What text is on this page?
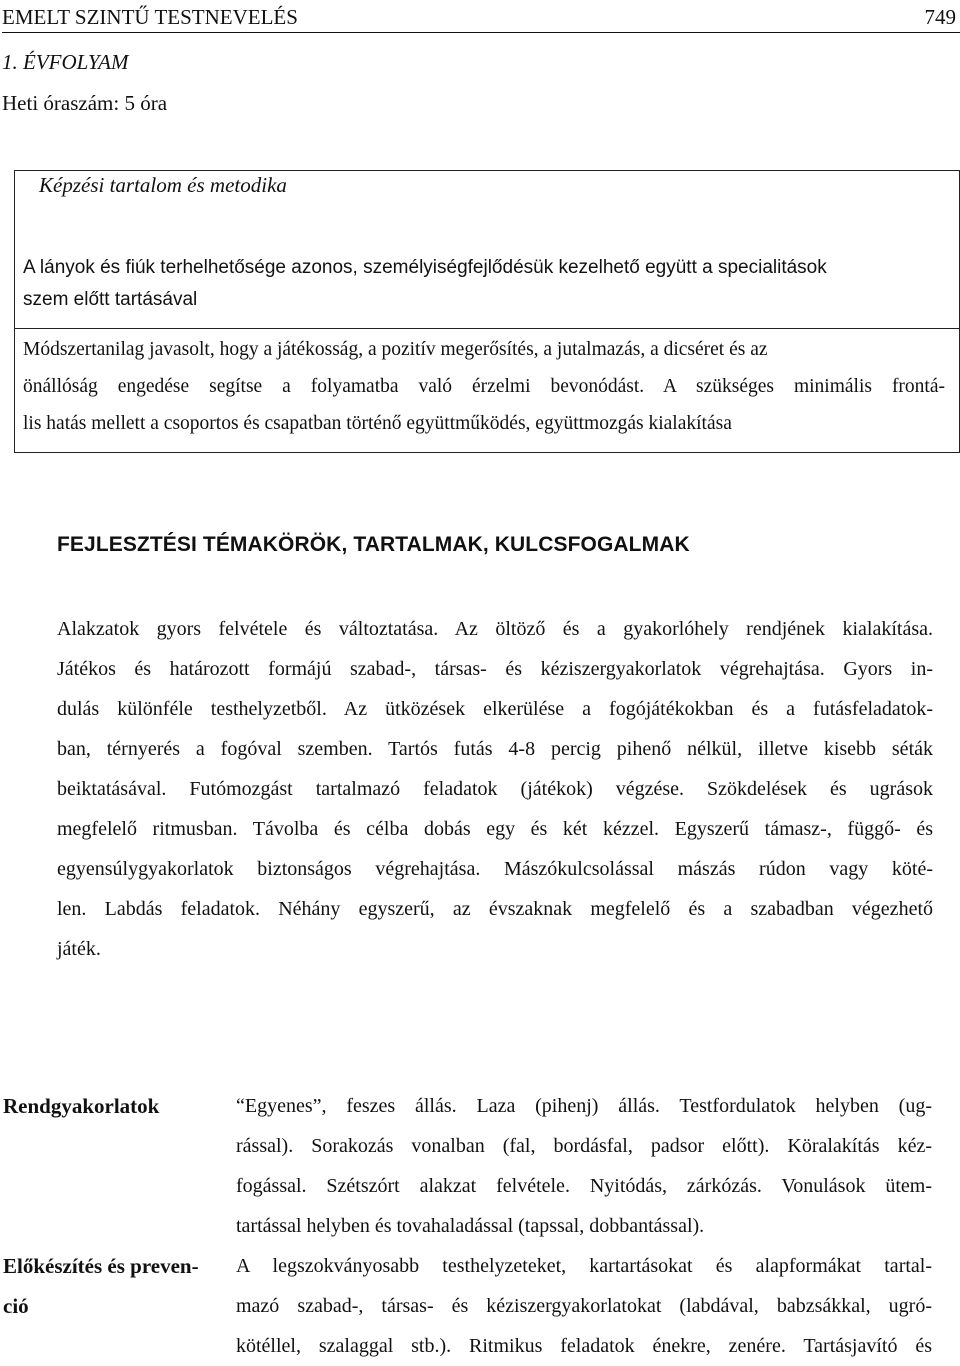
EMELT SZINTŰ TESTNEVELÉS	749
1. ÉVFOLYAM
Heti óraszám: 5 óra
Képzési tartalom és metodika
A lányok és fiúk terhelhetősége azonos, személyiségfejlődésük kezelhető együtt a specialitások
szem előtt tartásával
Módszertanilag javasolt, hogy a játékosság, a pozitív megerősítés, a jutalmazás, a dicséret és az
önállóság engedése segítse a folyamatba való érzelmi bevonódást. A szükséges minimális frontá-
lis hatás mellett a csoportos és csapatban történő együttműködés, együttmozgás kialakítása
FEJLESZTÉSI TÉMAKÖRÖK, TARTALMAK, KULCSFOGALMAK
Alakzatok gyors felvétele és változtatása. Az öltöző és a gyakorlóhely rendjének kialakítása.
Játékos és határozott formájú szabad-, társas- és kéziszergyakorlatok végrehajtása. Gyors in-
dulás különféle testhelyzetből. Az ütközések elkerülése a fogójátékokban és a futásfeladatok-
ban, térnyerés a fogóval szemben. Tartós futás 4-8 percig pihenő nélkül, illetve kisebb séták
beiktatásával. Futómozgást tartalmazó feladatok (játékok) végzése. Szökdelések és ugrások
megfelelő ritmusban. Távolba és célba dobás egy és két kézzel. Egyszerű támasz-, függő- és
egyensúlygyakorlatok biztonságos végrehajtása. Mászókulcsolással mászás rúdon vagy köté-
len. Labdás feladatok. Néhány egyszerű, az évszaknak megfelelő és a szabadban végezhető
játék.
Rendgyakorlatok	“Egyenes”, feszes állás. Laza (pihenj) állás. Testfordulatok helyben (ug-
rással). Sorakozás vonalban (fal, bordásfal, padsor előtt). Köralakítás kéz-
fogással. Szétszórt alakzat felvétele. Nyitódás, zárkózás. Vonulások ütem-
tartással helyben és tovahaladással (tapssal, dobbantással).
Előkészítés és preven-
ció
A legszokványosabb testhelyzeteket, kartartásokat és alapformákat tartal-
mazó szabad-, társas- és kéziszergyakorlatokat (labdával, babzsákkal, ugró-
kötéllel, szalaggal stb.). Ritmikus feladatok énekre, zenére. Tartásjavító és
